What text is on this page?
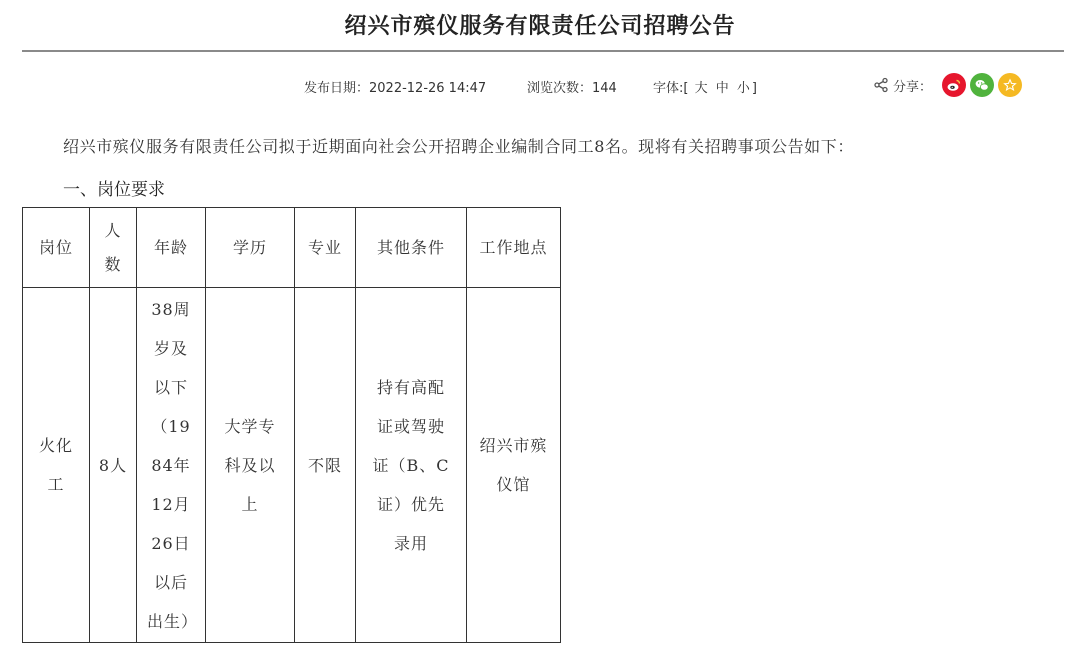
绍兴市殡仪服务有限责任公司招聘公告
发布日期：2022-12-26 14:47	浏览次数：144	字体:[ 大 中 小 ]	分享：
绍兴市殡仪服务有限责任公司拟于近期面向社会公开招聘企业编制合同工8名。现将有关招聘事项公告如下：
一、岗位要求
岗位	人数	年龄	学历	专业	其他条件	工作地点
火化工	8人	38周岁及以下（1984年12月26日以后出生）	大学专科及以上	不限	持有高配证或驾驶证（B、C证）优先录用	绍兴市殡仪馆
